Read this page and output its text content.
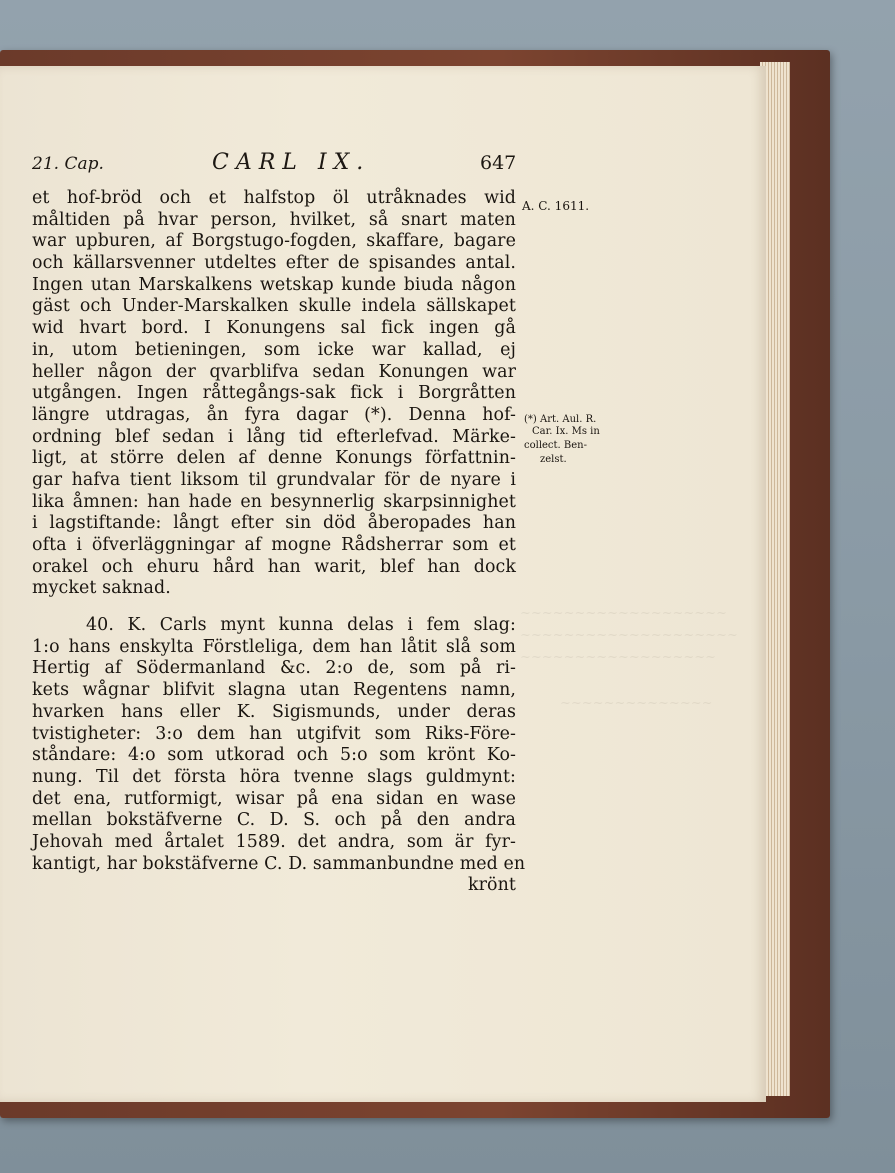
~~~~~~~~~~~~~~~~~~~
~~~~~~~~~~~~~~~~~~~~
~~~~~~~~~~~~~~~~~~
~~~~~~~~~~~~~~
21. Cap.	CARL IX.	647
et hof-bröd och et halfstop öl utråknades wid
måltiden på hvar person, hvilket, så snart maten
war upburen, af Borgstugo-fogden, skaffare, bagare
och källarsvenner utdeltes efter de spisandes antal.
Ingen utan Marskalkens wetskap kunde biuda någon
gäst och Under-Marskalken skulle indela sällskapet
wid hvart bord. I Konungens sal fick ingen gå
in, utom betieningen, som icke war kallad, ej
heller någon der qvarblifva sedan Konungen war
utgången. Ingen råttegångs-sak fick i Borgråtten
längre utdragas, ån fyra dagar (*). Denna hof-
ordning blef sedan i lång tid efterlefvad. Märke-
ligt, at större delen af denne Konungs författnin-
gar hafva tient liksom til grundvalar för de nyare i
lika åmnen: han hade en besynnerlig skarpsinnighet
i lagstiftande: långt efter sin död åberopades han
ofta i öfverläggningar af mogne Rådsherrar som et
orakel och ehuru hård han warit, blef han dock
mycket saknad.
40. K. Carls mynt kunna delas i fem slag:
1:o hans enskylta Förstleliga, dem han låtit slå som
Hertig af Södermanland &c. 2:o de, som på ri-
kets wågnar blifvit slagna utan Regentens namn,
hvarken hans eller K. Sigismunds, under deras
tvistigheter: 3:o dem han utgifvit som Riks-Före-
ståndare: 4:o som utkorad och 5:o som krönt Ko-
nung. Til det första höra tvenne slags guldmynt:
det ena, rutformigt, wisar på ena sidan en wase
mellan bokstäfverne C. D. S. och på den andra
Jehovah med årtalet 1589. det andra, som är fyr-
kantigt, har bokstäfverne C. D. sammanbundne med en
krönt
A. C. 1611.
(*) Art. Aul. R.
Car. Ix. Ms in
collect. Ben-
zelst.
